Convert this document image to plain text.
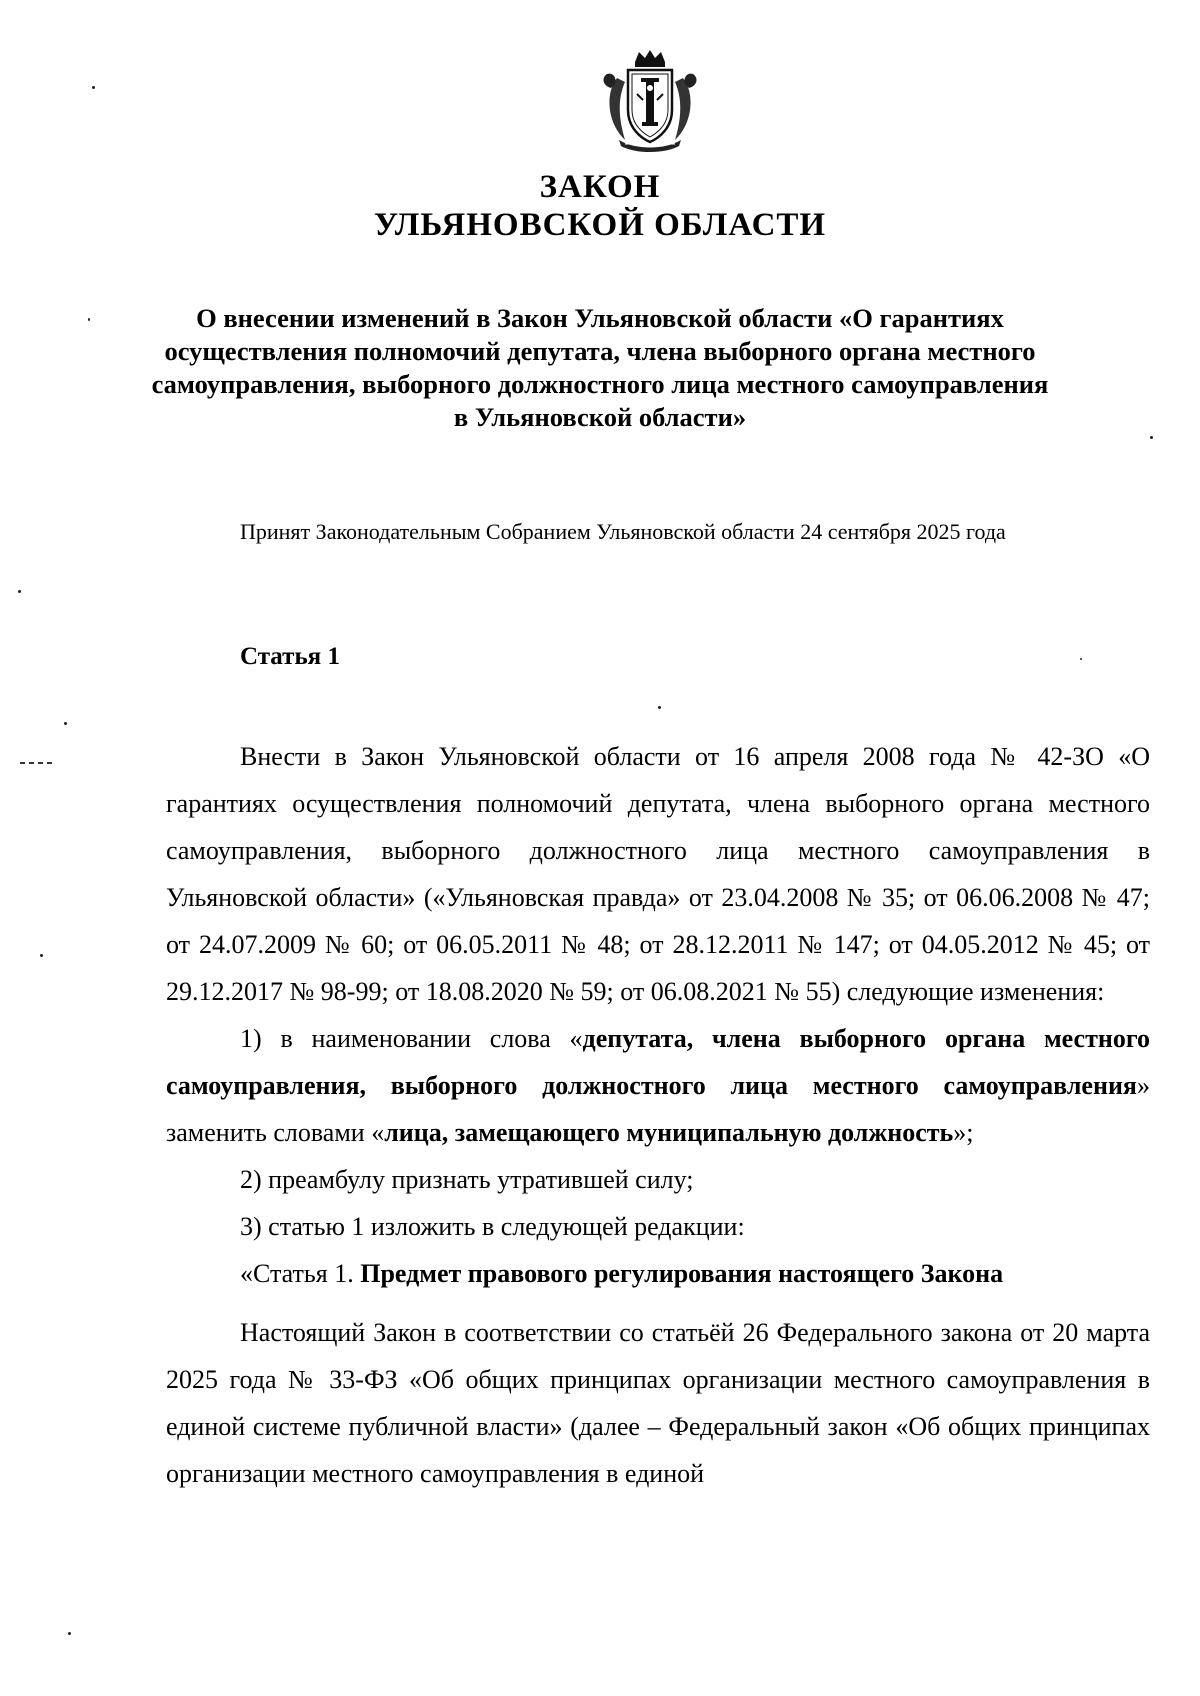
ЗАКОН
УЛЬЯНОВСКОЙ ОБЛАСТИ
О внесении изменений в Закон Ульяновской области «О гарантиях осуществления полномочий депутата, члена выборного органа местного самоуправления, выборного должностного лица местного самоуправления в Ульяновской области»
Принят Законодательным Собранием Ульяновской области 24 сентября 2025 года
Статья 1

Внести в Закон Ульяновской области от 16 апреля 2008 года № 42-ЗО «О гарантиях осуществления полномочий депутата, члена выборного органа местного самоуправления, выборного должностного лица местного самоуправления в Ульяновской области» («Ульяновская правда» от 23.04.2008 № 35; от 06.06.2008 № 47; от 24.07.2009 № 60; от 06.05.2011 № 48; от 28.12.2011 № 147; от 04.05.2012 № 45; от 29.12.2017 № 98-99; от 18.08.2020 № 59; от 06.08.2021 № 55) следующие изменения:

1) в наименовании слова «депутата, члена выборного органа местного самоуправления, выборного должностного лица местного самоуправления» заменить словами «лица, замещающего муниципальную должность»;

2) преамбулу признать утратившей силу;

3) статью 1 изложить в следующей редакции:

«Статья 1. Предмет правового регулирования настоящего Закона

Настоящий Закон в соответствии со статьёй 26 Федерального закона от 20 марта 2025 года № 33-ФЗ «Об общих принципах организации местного самоуправления в единой системе публичной власти» (далее – Федеральный закон «Об общих принципах организации местного самоуправления в единой
